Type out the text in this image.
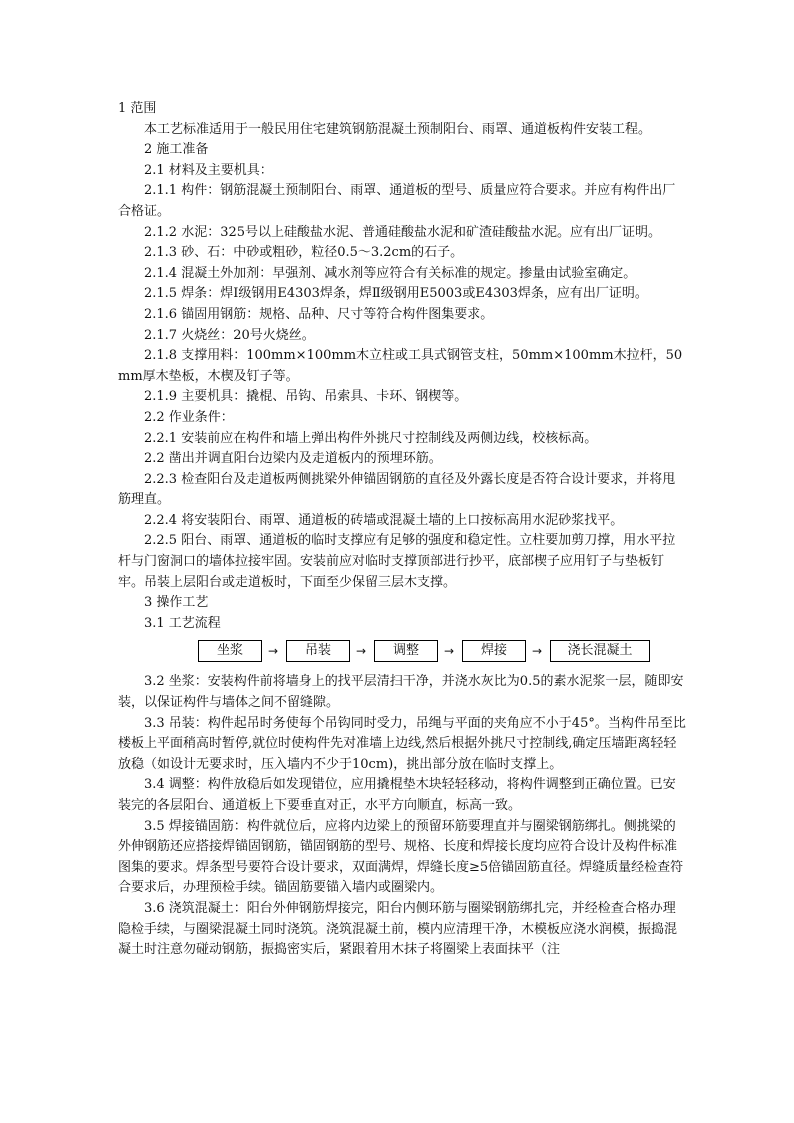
1 范围

本工艺标准适用于一般民用住宅建筑钢筋混凝土预制阳台、雨罩、通道板构件安装工程。

2 施工准备

2.1 材料及主要机具：

2.1.1 构件：钢筋混凝土预制阳台、雨罩、通道板的型号、质量应符合要求。并应有构件出厂合格证。

2.1.2 水泥：325号以上硅酸盐水泥、普通硅酸盐水泥和矿渣硅酸盐水泥。应有出厂证明。

2.1.3 砂、石：中砂或粗砂，粒径0.5～3.2cm的石子。

2.1.4 混凝土外加剂：早强剂、减水剂等应符合有关标准的规定。掺量由试验室确定。

2.1.5 焊条：焊Ⅰ级钢用E4303焊条，焊Ⅱ级钢用E5003或E4303焊条，应有出厂证明。

2.1.6 锚固用钢筋：规格、品种、尺寸等符合构件图集要求。

2.1.7 火烧丝：20号火烧丝。

2.1.8 支撑用料：100mm×100mm木立柱或工具式钢管支柱，50mm×100mm木拉杆，50mm厚木垫板，木楔及钉子等。

2.1.9 主要机具：撬棍、吊钩、吊索具、卡环、钢楔等。

2.2 作业条件：

2.2.1 安装前应在构件和墙上弹出构件外挑尺寸控制线及两侧边线，校核标高。

2.2 凿出并调直阳台边梁内及走道板内的预埋环筋。

2.2.3 检查阳台及走道板两侧挑梁外伸锚固钢筋的直径及外露长度是否符合设计要求，并将甩筋理直。

2.2.4 将安装阳台、雨罩、通道板的砖墙或混凝土墙的上口按标高用水泥砂浆找平。

2.2.5 阳台、雨罩、通道板的临时支撑应有足够的强度和稳定性。立柱要加剪刀撑，用水平拉杆与门窗洞口的墙体拉接牢固。安装前应对临时支撑顶部进行抄平，底部楔子应用钉子与垫板钉牢。吊装上层阳台或走道板时，下面至少保留三层木支撑。

3 操作工艺

3.1 工艺流程

坐浆	→	吊装	→	调整	→	焊接	→	浇长混凝土

3.2 坐浆：安装构件前将墙身上的找平层清扫干净，并浇水灰比为0.5的素水泥浆一层，随即安装，以保证构件与墙体之间不留缝隙。

3.3 吊装：构件起吊时务使每个吊钩同时受力，吊绳与平面的夹角应不小于45°。当构件吊至比楼板上平面稍高时暂停,就位时使构件先对准墙上边线,然后根据外挑尺寸控制线,确定压墙距离轻轻放稳（如设计无要求时，压入墙内不少于10cm)，挑出部分放在临时支撑上。

3.4 调整：构件放稳后如发现错位，应用撬棍垫木块轻轻移动，将构件调整到正确位置。已安装完的各层阳台、通道板上下要垂直对正，水平方向顺直，标高一致。

3.5 焊接锚固筋：构件就位后，应将内边梁上的预留环筋要理直并与圈梁钢筋绑扎。侧挑梁的外伸钢筋还应搭接焊锚固钢筋，锚固钢筋的型号、规格、长度和焊接长度均应符合设计及构件标准图集的要求。焊条型号要符合设计要求，双面满焊，焊缝长度≥5倍锚固筋直径。焊缝质量经检查符合要求后，办理预检手续。锚固筋要锚入墙内或圈梁内。

3.6 浇筑混凝土：阳台外伸钢筋焊接完，阳台内侧环筋与圈梁钢筋绑扎完，并经检查合格办理隐检手续，与圈梁混凝土同时浇筑。浇筑混凝土前，模内应清理干净，木模板应浇水润模，振捣混凝土时注意勿碰动钢筋，振捣密实后，紧跟着用木抹子将圈梁上表面抹平（注
